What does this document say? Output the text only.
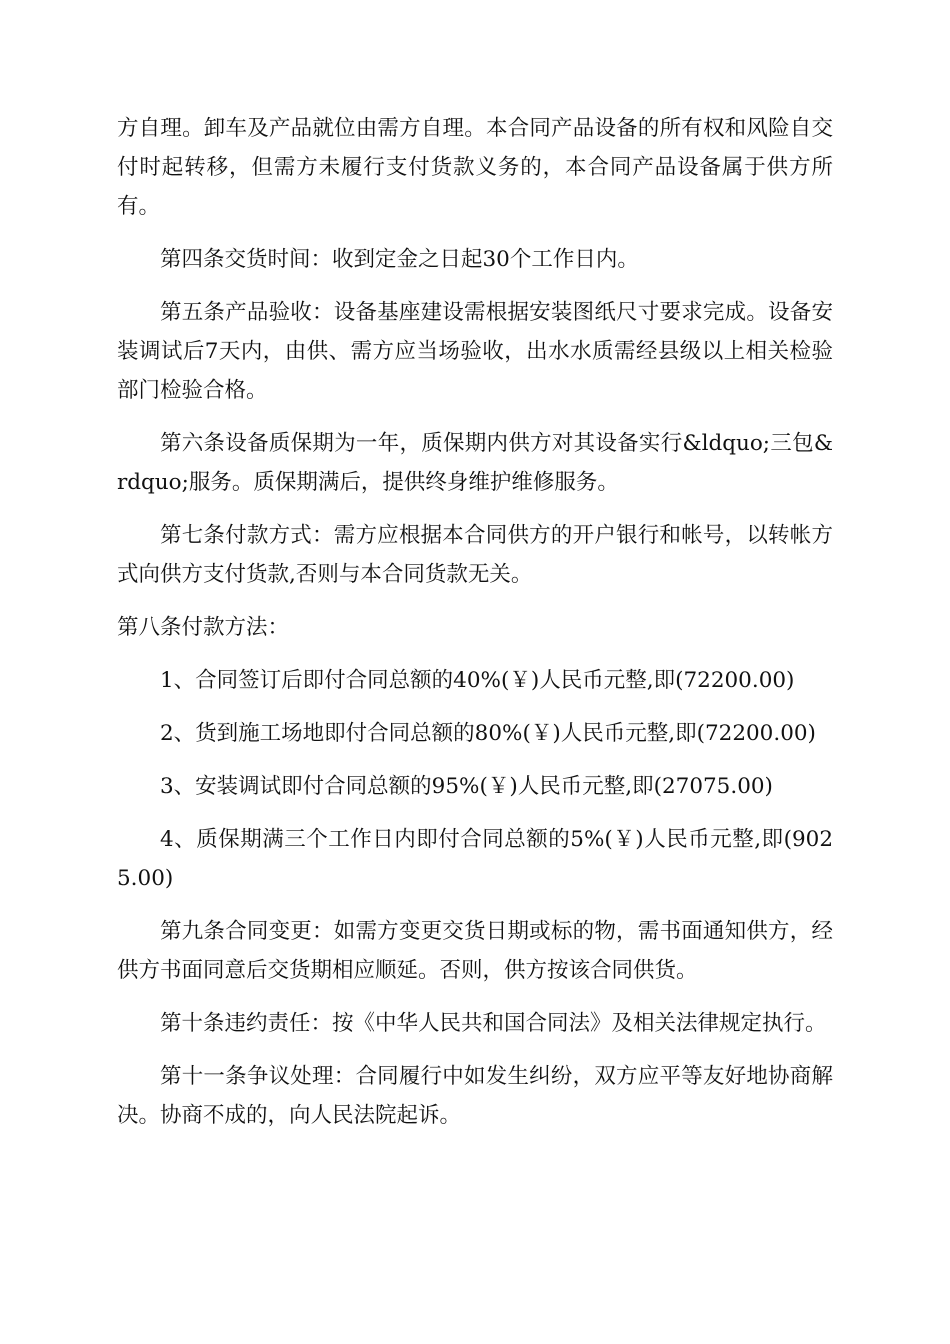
方自理。卸车及产品就位由需方自理。本合同产品设备的所有权和风险自交付时起转移，但需方未履行支付货款义务的，本合同产品设备属于供方所有。

第四条交货时间：收到定金之日起30个工作日内。

第五条产品验收：设备基座建设需根据安装图纸尺寸要求完成。设备安装调试后7天内，由供、需方应当场验收，出水水质需经县级以上相关检验部门检验合格。

第六条设备质保期为一年，质保期内供方对其设备实行&ldquo;三包&rdquo;服务。质保期满后，提供终身维护维修服务。

第七条付款方式：需方应根据本合同供方的开户银行和帐号，以转帐方式向供方支付货款,否则与本合同货款无关。

第八条付款方法：

1、合同签订后即付合同总额的40%(￥)人民币元整,即(72200.00)

2、货到施工场地即付合同总额的80%(￥)人民币元整,即(72200.00)

3、安装调试即付合同总额的95%(￥)人民币元整,即(27075.00)

4、质保期满三个工作日内即付合同总额的5%(￥)人民币元整,即(9025.00)

第九条合同变更：如需方变更交货日期或标的物，需书面通知供方，经供方书面同意后交货期相应顺延。否则，供方按该合同供货。

第十条违约责任：按《中华人民共和国合同法》及相关法律规定执行。

第十一条争议处理：合同履行中如发生纠纷，双方应平等友好地协商解决。协商不成的，向人民法院起诉。
